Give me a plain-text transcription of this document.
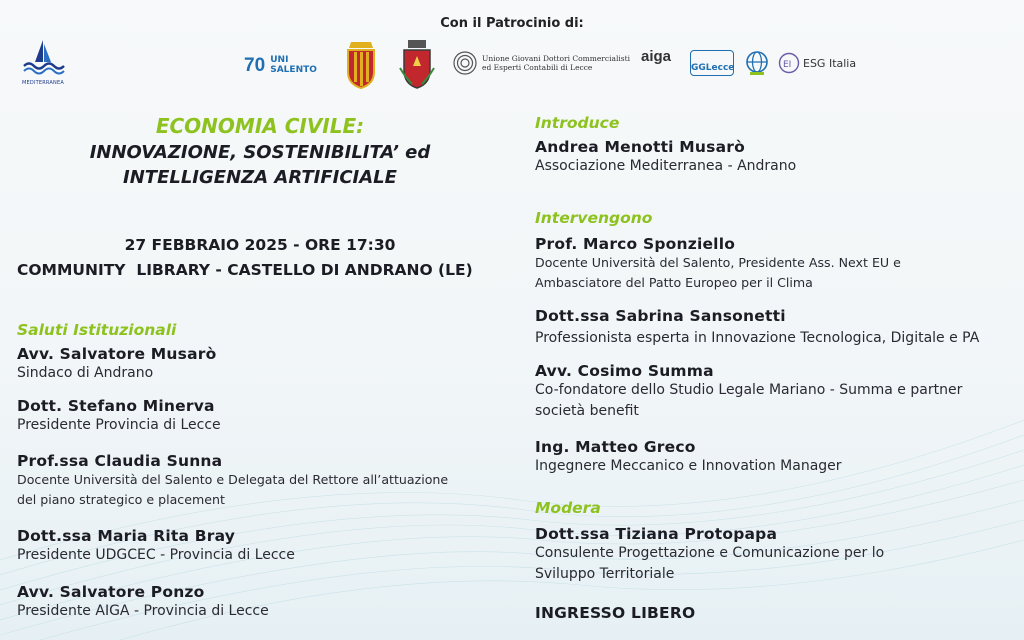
Con il Patrocinio di:
MEDITERRANEA
70 UNI
SALENTO
Unione Giovani Dottori Commercialisti
ed Esperti Contabili di Lecce
aiga
GGLecce	EI ESG Italia
ECONOMIA CIVILE:
INNOVAZIONE, SOSTENIBILITA’ ed
INTELLIGENZA ARTIFICIALE
27 FEBBRAIO 2025 - ORE 17:30
COMMUNITY  LIBRARY - CASTELLO DI ANDRANO (LE)
Saluti Istituzionali
Avv. Salvatore Musarò
Sindaco di Andrano
Dott. Stefano Minerva
Presidente Provincia di Lecce
Prof.ssa Claudia Sunna
Docente Università del Salento e Delegata del Rettore all’attuazione
del piano strategico e placement
Dott.ssa Maria Rita Bray
Presidente UDGCEC - Provincia di Lecce
Avv. Salvatore Ponzo
Presidente AIGA - Provincia di Lecce
Introduce
Andrea Menotti Musarò
Associazione Mediterranea - Andrano
Intervengono
Prof. Marco Sponziello
Docente Università del Salento, Presidente Ass. Next EU e
Ambasciatore del Patto Europeo per il Clima
Dott.ssa Sabrina Sansonetti
Professionista esperta in Innovazione Tecnologica, Digitale e PA
Avv. Cosimo Summa
Co-fondatore dello Studio Legale Mariano - Summa e partner
società benefit
Ing. Matteo Greco
Ingegnere Meccanico e Innovation Manager
Modera
Dott.ssa Tiziana Protopapa
Consulente Progettazione e Comunicazione per lo
Sviluppo Territoriale
INGRESSO LIBERO
